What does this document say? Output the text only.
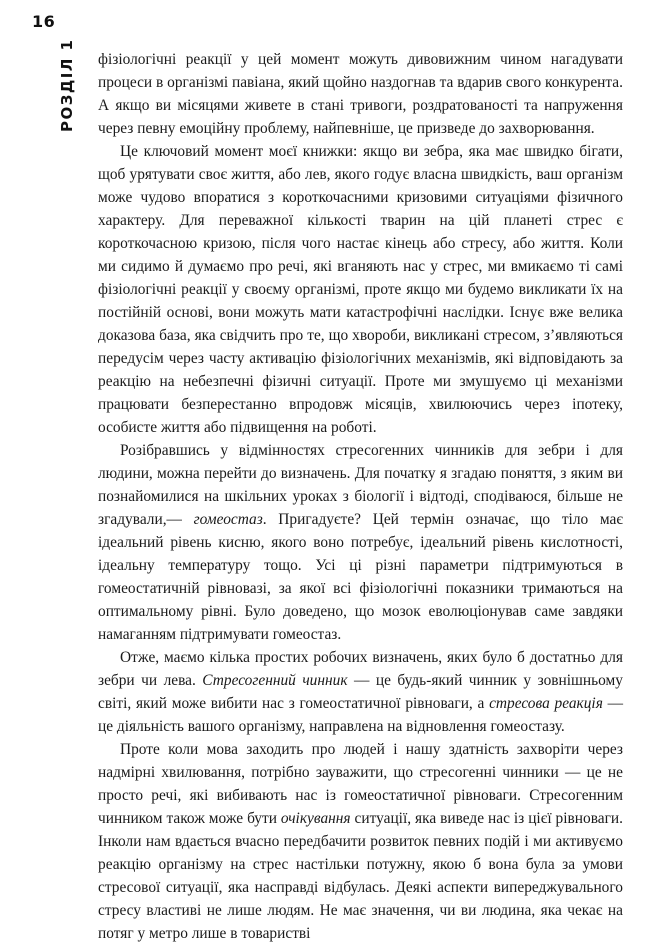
16
РОЗДІЛ 1 фізіологічні реакції у цей момент можуть дивовижним чином нагадувати процеси в організмі павіана, який щойно наздогнав та вдарив свого конкурента. А якщо ви місяцями живете в стані тривоги, роздратованості та напруження через певну емоційну проблему, найпевніше, це призведе до захворювання.

Це ключовий момент моєї книжки: якщо ви зебра, яка має швидко бігати, щоб урятувати своє життя, або лев, якого годує власна швидкість, ваш організм може чудово впоратися з короткочасними кризовими ситуаціями фізичного характеру. Для переважної кількості тварин на цій планеті стрес є короткочасною кризою, після чого настає кінець або стресу, або життя. Коли ми сидимо й думаємо про речі, які вганяють нас у стрес, ми вмикаємо ті самі фізіологічні реакції у своєму організмі, проте якщо ми будемо викликати їх на постійній основі, вони можуть мати катастрофічні наслідки. Існує вже велика доказова база, яка свідчить про те, що хвороби, викликані стресом, з’являються передусім через часту активацію фізіологічних механізмів, які відповідають за реакцію на небезпечні фізичні ситуації. Проте ми змушуємо ці механізми працювати безперестанно впродовж місяців, хвилюючись через іпотеку, особисте життя або підвищення на роботі.

Розібравшись у відмінностях стресогенних чинників для зебри і для людини, можна перейти до визначень. Для початку я згадаю поняття, з яким ви познайомилися на шкільних уроках з біології і відтоді, сподіваюся, більше не згадували,— гомеостаз. Пригадуєте? Цей термін означає, що тіло має ідеальний рівень кисню, якого воно потребує, ідеальний рівень кислотності, ідеальну температуру тощо. Усі ці різні параметри підтримуються в гомеостатичній рівновазі, за якої всі фізіологічні показники тримаються на оптимальному рівні. Було доведено, що мозок еволюціонував саме завдяки намаганням підтримувати гомеостаз.

Отже, маємо кілька простих робочих визначень, яких було б достатньо для зебри чи лева. Стресогенний чинник — це будь-який чинник у зовнішньому світі, який може вибити нас з гомеостатичної рівноваги, а стресова реакція — це діяльність вашого організму, направлена на відновлення гомеостазу.

Проте коли мова заходить про людей і нашу здатність захворіти через надмірні хвилювання, потрібно зауважити, що стресогенні чинники — це не просто речі, які вибивають нас із гомеостатичної рівноваги. Стресогенним чинником також може бути очікування ситуації, яка виведе нас із цієї рівноваги. Інколи нам вдається вчасно передбачити розвиток певних подій і ми активуємо реакцію організму на стрес настільки потужну, якою б вона була за умови стресової ситуації, яка насправді відбулась. Деякі аспекти випереджувального стресу властиві не лише людям. Не має значення, чи ви людина, яка чекає на потяг у метро лише в товаристві
